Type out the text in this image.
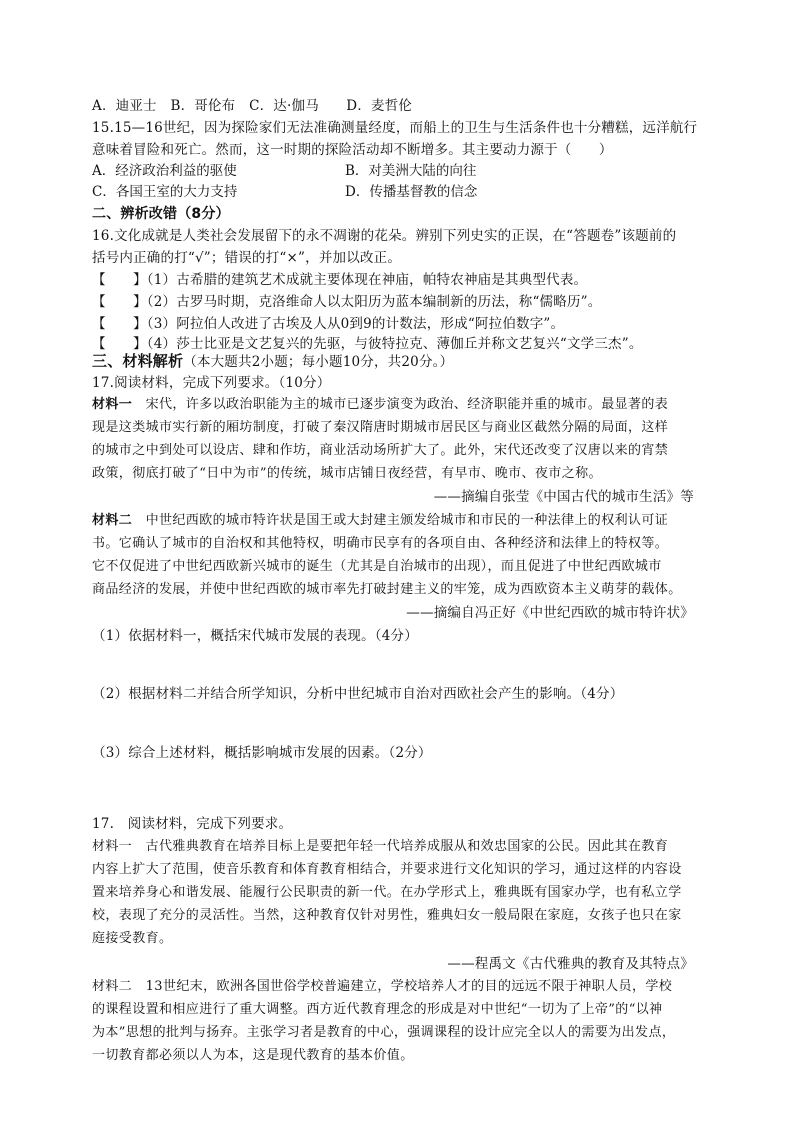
A．迪亚士　B．哥伦布　C．达·伽马　　D．麦哲伦
15.15—16世纪，因为探险家们无法准确测量经度，而船上的卫生与生活条件也十分糟糕，远洋航行
意味着冒险和死亡。然而，这一时期的探险活动却不断增多。其主要动力源于（　　）
A．经济政治利益的驱使	B．对美洲大陆的向往
C．各国王室的大力支持	D．传播基督教的信念
二、辨析改错（8分）
16.文化成就是人类社会发展留下的永不凋谢的花朵。辨别下列史实的正误，在“答题卷”该题前的
括号内正确的打“√”；错误的打“×”，并加以改正。
【　　】（1）古希腊的建筑艺术成就主要体现在神庙，帕特农神庙是其典型代表。
【　　】（2）古罗马时期，克洛维命人以太阳历为蓝本编制新的历法，称“儒略历”。
【　　】（3）阿拉伯人改进了古埃及人从0到9的计数法，形成“阿拉伯数字”。
【　　】（4）莎士比亚是文艺复兴的先驱，与彼特拉克、薄伽丘并称文艺复兴“文学三杰”。
三、材料解析（本大题共2小题；每小题10分，共20分。）
17.阅读材料，完成下列要求。（10分）
材料一　宋代，许多以政治职能为主的城市已逐步演变为政治、经济职能并重的城市。最显著的表
现是这类城市实行新的厢坊制度，打破了秦汉隋唐时期城市居民区与商业区截然分隔的局面，这样
的城市之中到处可以设店、肆和作坊，商业活动场所扩大了。此外，宋代还改变了汉唐以来的宵禁
政策，彻底打破了“日中为市”的传统，城市店铺日夜经营，有早市、晚市、夜市之称。
——摘编自张莹《中国古代的城市生活》等
材料二　中世纪西欧的城市特许状是国王或大封建主颁发给城市和市民的一种法律上的权利认可证
书。它确认了城市的自治权和其他特权，明确市民享有的各项自由、各种经济和法律上的特权等。
它不仅促进了中世纪西欧新兴城市的诞生（尤其是自治城市的出现），而且促进了中世纪西欧城市
商品经济的发展，并使中世纪西欧的城市率先打破封建主义的牢笼，成为西欧资本主义萌芽的载体。
——摘编自冯正好《中世纪西欧的城市特许状》
（1）依据材料一，概括宋代城市发展的表现。（4分）
（2）根据材料二并结合所学知识，分析中世纪城市自治对西欧社会产生的影响。（4分）
（3）综合上述材料，概括影响城市发展的因素。（2分）
17.　阅读材料，完成下列要求。
材料一　古代雅典教育在培养目标上是要把年轻一代培养成服从和效忠国家的公民。因此其在教育
内容上扩大了范围，使音乐教育和体育教育相结合，并要求进行文化知识的学习，通过这样的内容设
置来培养身心和谐发展、能履行公民职责的新一代。在办学形式上，雅典既有国家办学，也有私立学
校，表现了充分的灵活性。当然，这种教育仅针对男性，雅典妇女一般局限在家庭，女孩子也只在家
庭接受教育。
——程禹文《古代雅典的教育及其特点》
材料二　13世纪末，欧洲各国世俗学校普遍建立，学校培养人才的目的远远不限于神职人员，学校
的课程设置和相应进行了重大调整。西方近代教育理念的形成是对中世纪“一切为了上帝”的“以神
为本”思想的批判与扬弃。主张学习者是教育的中心，强调课程的设计应完全以人的需要为出发点，
一切教育都必须以人为本，这是现代教育的基本价值。
